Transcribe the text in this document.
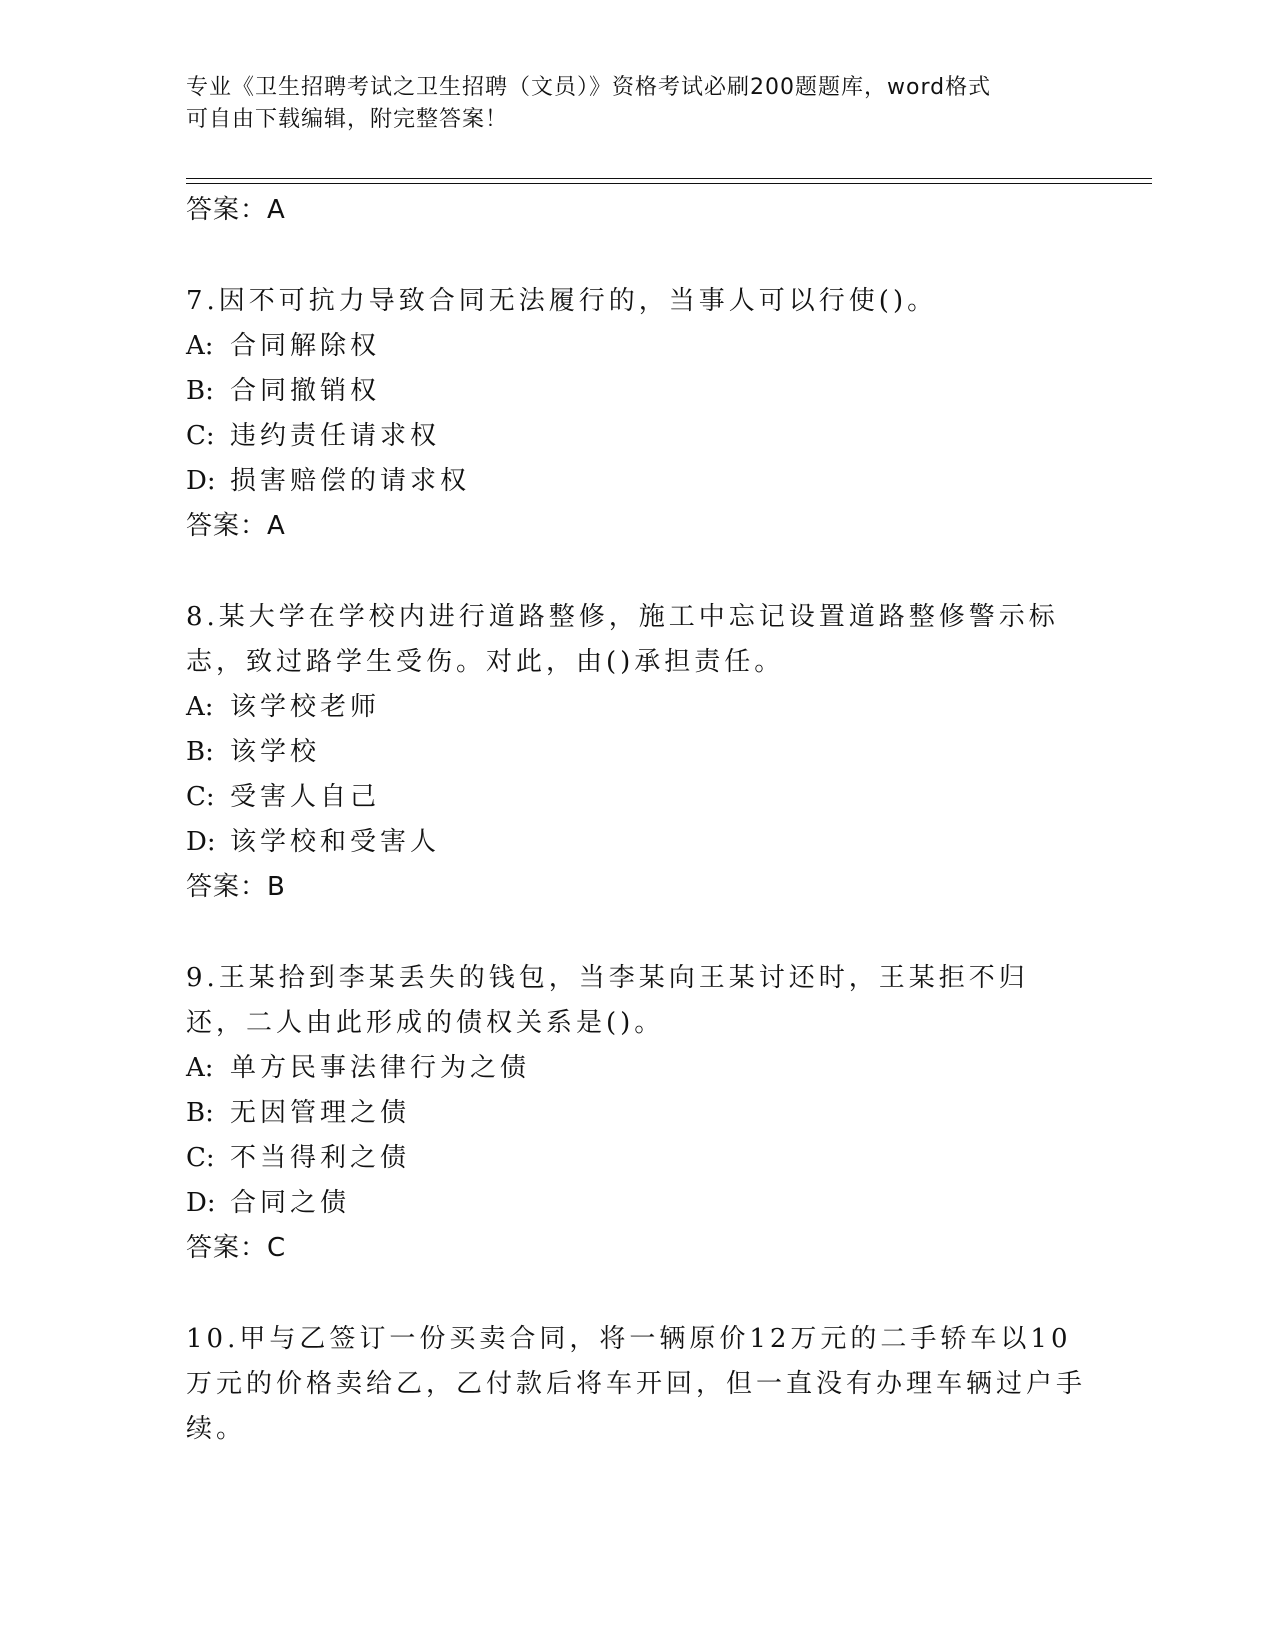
专业《卫生招聘考试之卫生招聘（文员）》资格考试必刷200题题库，word格式
可自由下载编辑，附完整答案！
答案：A
7.因不可抗力导致合同无法履行的，当事人可以行使()。
A: 合同解除权
B: 合同撤销权
C: 违约责任请求权
D: 损害赔偿的请求权
答案：A
8.某大学在学校内进行道路整修，施工中忘记设置道路整修警示标志，致过路学生受伤。对此，由()承担责任。
A: 该学校老师
B: 该学校
C: 受害人自己
D: 该学校和受害人
答案：B
9.王某拾到李某丢失的钱包，当李某向王某讨还时，王某拒不归还，二人由此形成的债权关系是()。
A: 单方民事法律行为之债
B: 无因管理之债
C: 不当得利之债
D: 合同之债
答案：C
10.甲与乙签订一份买卖合同，将一辆原价12万元的二手轿车以10万元的价格卖给乙，乙付款后将车开回，但一直没有办理车辆过户手续。
